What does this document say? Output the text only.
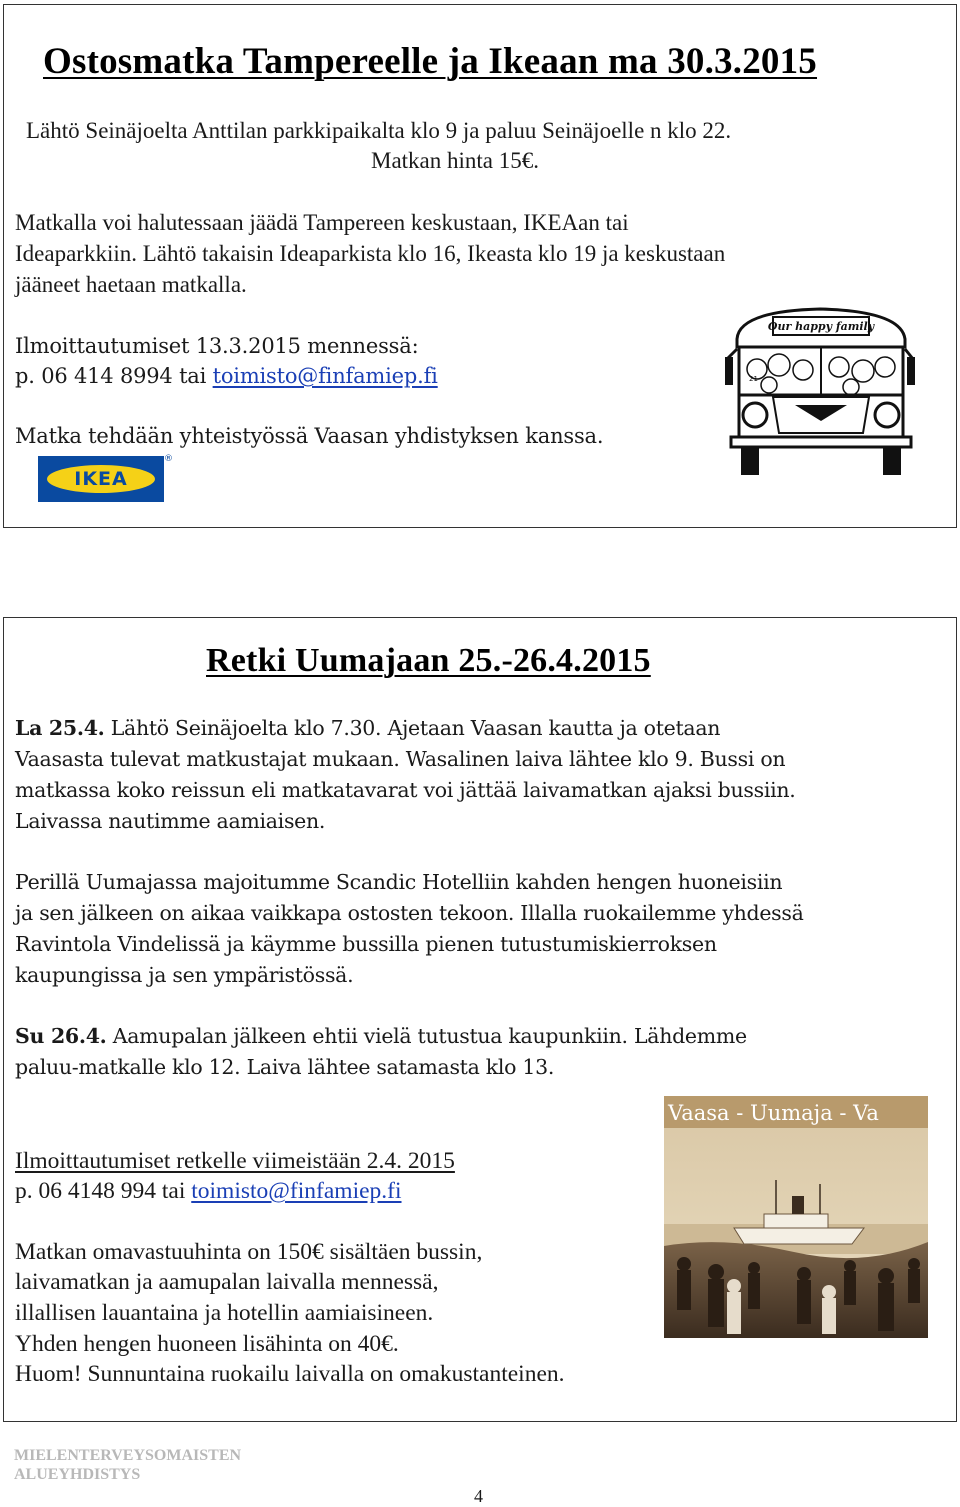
Ostosmatka Tampereelle ja Ikeaan ma 30.3.2015
Lähtö Seinäjoelta Anttilan parkkipaikalta klo 9 ja paluu Seinäjoelle n klo 22.
Matkan hinta 15€.
Matkalla voi halutessaan jäädä Tampereen keskustaan, IKEAan tai
Ideaparkkiin. Lähtö takaisin Ideaparkista klo 16, Ikeasta klo 19 ja keskustaan
jääneet haetaan matkalla.
Ilmoittautumiset 13.3.2015 mennessä:
p. 06 414 8994 tai toimisto@finfamiep.fi
Matka tehdään yhteistyössä Vaasan yhdistyksen kanssa.
IKEA
®
Our happy family
21
Retki Uumajaan 25.-26.4.2015
La 25.4. Lähtö Seinäjoelta klo 7.30. Ajetaan Vaasan kautta ja otetaan
Vaasasta tulevat matkustajat mukaan. Wasalinen laiva lähtee klo 9. Bussi on
matkassa koko reissun eli matkatavarat voi jättää laivamatkan ajaksi bussiin.
Laivassa nautimme aamiaisen.
Perillä Uumajassa majoitumme Scandic Hotelliin kahden hengen huoneisiin
ja sen jälkeen on aikaa vaikkapa ostosten tekoon. Illalla ruokailemme yhdessä
Ravintola Vindelissä ja käymme bussilla pienen tutustumiskierroksen
kaupungissa ja sen ympäristössä.
Su 26.4. Aamupalan jälkeen ehtii vielä tutustua kaupunkiin. Lähdemme
paluu-matkalle klo 12. Laiva lähtee satamasta klo 13.
Vaasa - Uumaja - Va
Ilmoittautumiset retkelle viimeistään 2.4. 2015
p. 06 4148 994 tai toimisto@finfamiep.fi
Matkan omavastuuhinta on 150€ sisältäen bussin,
laivamatkan ja aamupalan laivalla mennessä,
illallisen lauantaina ja hotellin aamiaisineen.
Yhden hengen huoneen lisähinta on 40€.
Huom! Sunnuntaina ruokailu laivalla on omakustanteinen.
MIELENTERVEYSOMAISTEN
ALUEYHDISTYS
4
